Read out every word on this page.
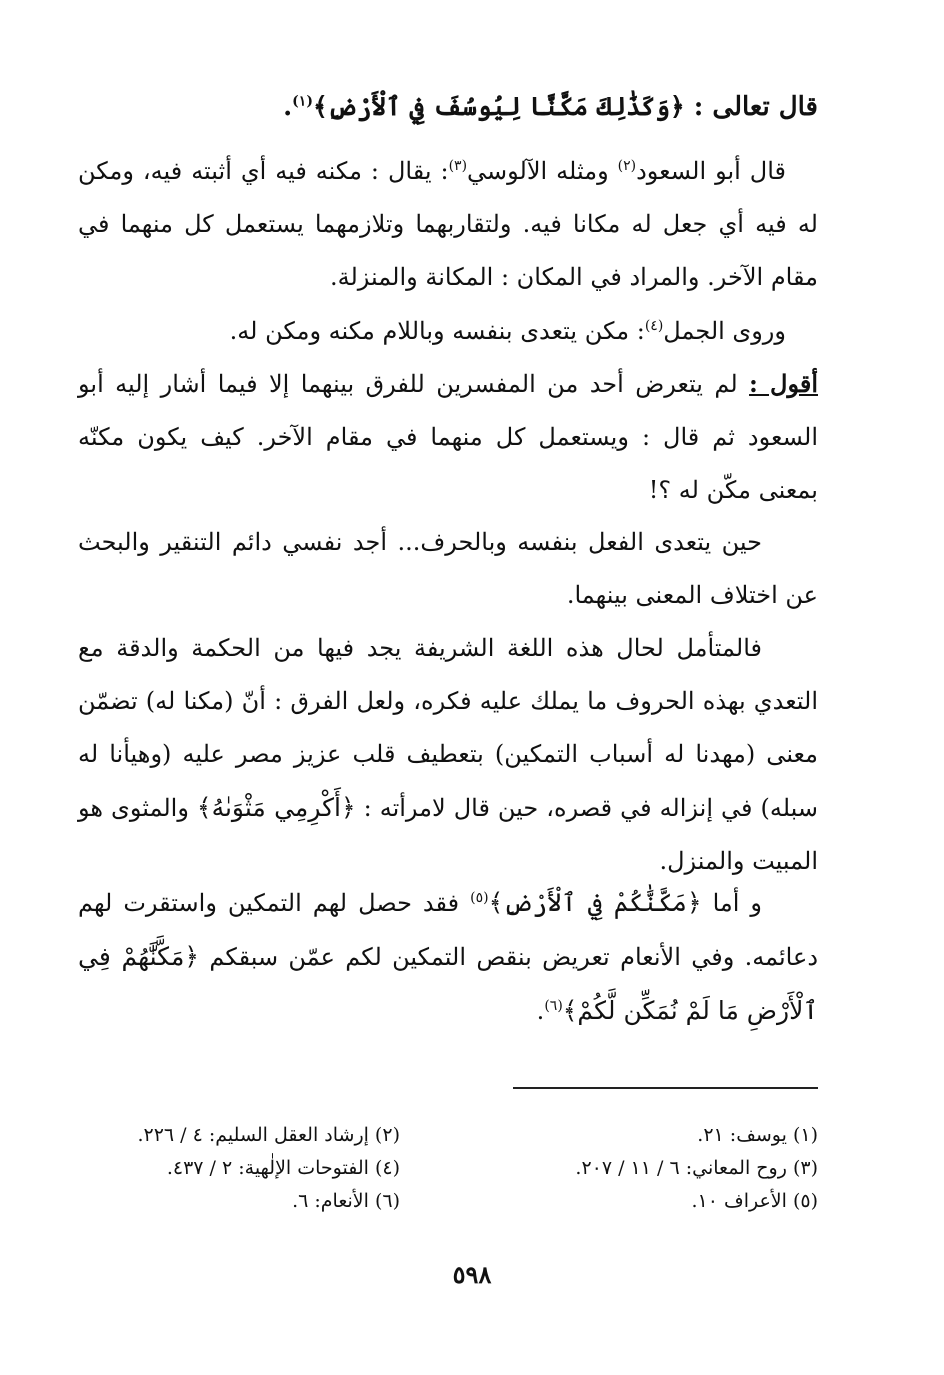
قال تعالى : ﴿وَكَذَٰلِكَ مَكَّنَّا لِيُوسُفَ فِي ٱلْأَرْضِ﴾$^{(١)}$.

قال أبو السعود$^{(٢)}$ ومثله الآلوسي$^{(٣)}$: يقال : مكنه فيه أي أثبته فيه، ومكن له فيه أي جعل له مكانا فيه. ولتقاربهما وتلازمهما يستعمل كل منهما في مقام الآخر. والمراد في المكان : المكانة والمنزلة.

وروى الجمل$^{(٤)}$: مكن يتعدى بنفسه وباللام مكنه ومكن له.

أقول : لم يتعرض أحد من المفسرين للفرق بينهما إلا فيما أشار إليه أبو السعود ثم قال : ويستعمل كل منهما في مقام الآخر. كيف يكون مكنّه بمعنى مكّن له ؟!

حين يتعدى الفعل بنفسه وبالحرف... أجد نفسي دائم التنقير والبحث عن اختلاف المعنى بينهما.

فالمتأمل لحال هذه اللغة الشريفة يجد فيها من الحكمة والدقة مع التعدي بهذه الحروف ما يملك عليه فكره، ولعل الفرق : أنّ (مكنا له) تضمّن معنى (مهدنا له أسباب التمكين) بتعطيف قلب عزيز مصر عليه (وهيأنا له سبله) في إنزاله في قصره، حين قال لامرأته : ﴿أَكْرِمِي مَثْوَىٰهُ﴾ والمثوى هو المبيت والمنزل.

و أما ﴿مَكَّنَّٰكُمْ فِي ٱلْأَرْضِ﴾$^{(٥)}$ فقد حصل لهم التمكين واستقرت لهم دعائمه. وفي الأنعام تعريض بنقص التمكين لكم عمّن سبقكم ﴿مَكَّنَّٰهُمْ فِي ٱلْأَرْضِ مَا لَمْ نُمَكِّن لَّكُمْ﴾$^{(٦)}$.

(١) يوسف: ٢١.

(٢) إرشاد العقل السليم: ٤ / ٢٢٦.

(٣) روح المعاني: ٦ / ١١ / ٢٠٧.

(٤) الفتوحات الإلٰهية: ٢ / ٤٣٧.

(٥) الأعراف ١٠.

(٦) الأنعام: ٦.

٥٩٨
